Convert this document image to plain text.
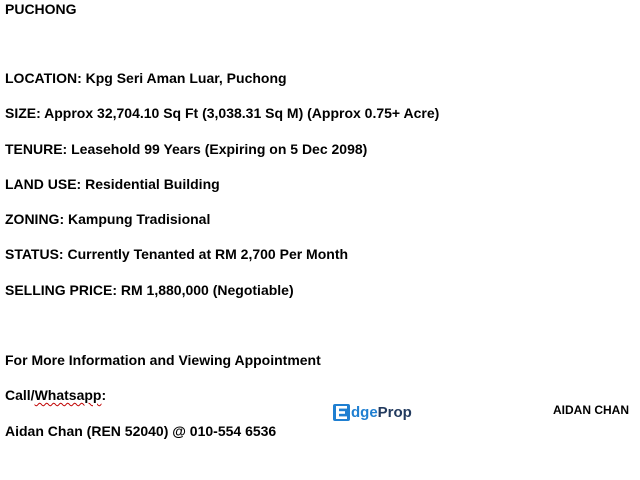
PUCHONG
LOCATION: Kpg Seri Aman Luar, Puchong
SIZE: Approx 32,704.10 Sq Ft (3,038.31 Sq M) (Approx 0.75+ Acre)
TENURE: Leasehold 99 Years (Expiring on 5 Dec 2098)
LAND USE: Residential Building
ZONING: Kampung Tradisional
STATUS: Currently Tenanted at RM 2,700 Per Month
SELLING PRICE: RM 1,880,000 (Negotiable)
For More Information and Viewing Appointment
Call/Whatsapp:
Aidan Chan (REN 52040) @ 010-554 6536
dgeProp	AIDAN CHAN
